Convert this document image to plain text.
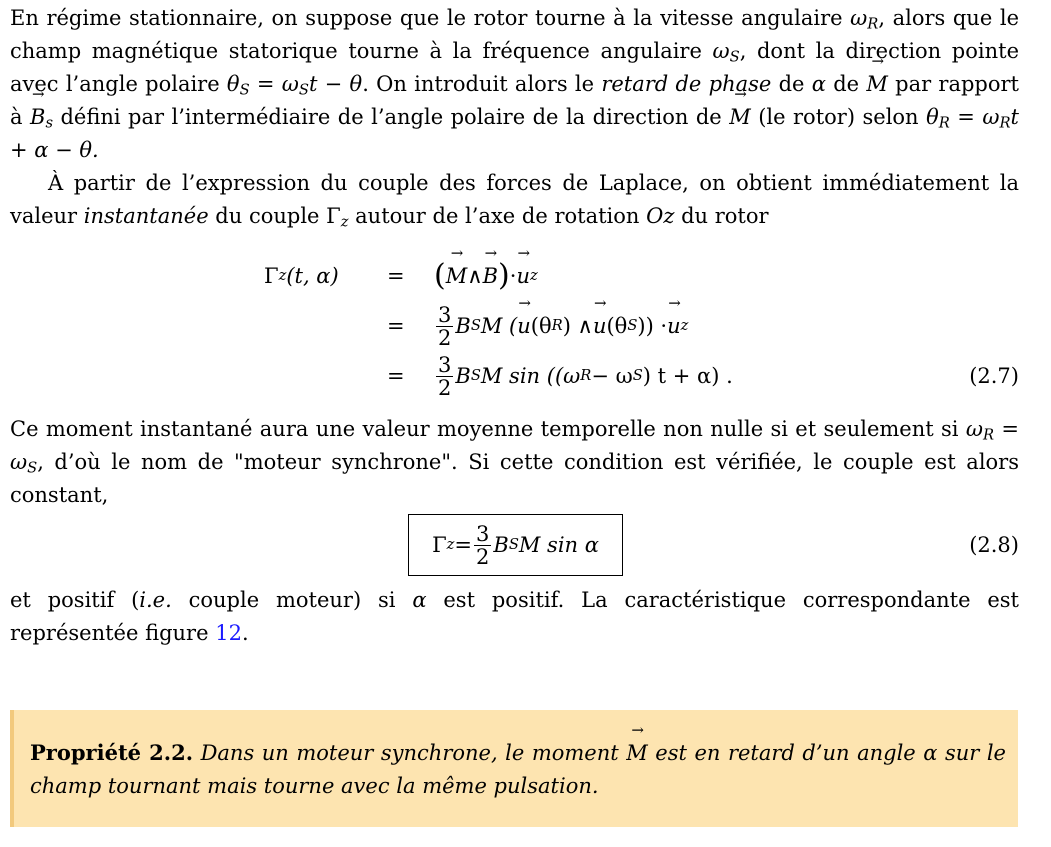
En régime stationnaire, on suppose que le rotor tourne à la vitesse angulaire $\omega_R$, alors que le champ magnétique statorique tourne à la fréquence angulaire $\omega_S$, dont la direction pointe avec l’angle polaire $\theta_S = \omega_St - \theta$. On introduit alors le retard de phase de α de → M par rapport à → $B_s$ défini par l’intermédiaire de l’angle polaire de la direction de → M (le rotor) selon $\theta_R = \omega_Rt + \alpha - \theta$.

À partir de l’expression du couple des forces de Laplace, on obtient immédiatement la valeur instantanée du couple $\Gamma_z$ autour de l’axe de rotation Oz du rotor

Γ z (t, α) = ( → M ∧ → B ) · → u z
= $\frac{3}{2}$ B S M ( → u (θ R ) ∧ → u (θ S )) · → u z
= $\frac{3}{2}$ B S M sin ((ω R − ω S ) t + α) .	(2.7)

Ce moment instantané aura une valeur moyenne temporelle non nulle si et seulement si $\omega_R = \omega_S$, d’où le nom de "moteur synchrone". Si cette condition est vérifiée, le couple est alors constant,

Γ $z = \frac{3}{2}$ B S M sin α	(2.8)

et positif (i.e. couple moteur) si α est positif. La caractéristique correspondante est représentée figure 12.

Propriété 2.2. Dans un moteur synchrone, le moment → M est en retard d’un angle α sur le champ tournant mais tourne avec la même pulsation.
